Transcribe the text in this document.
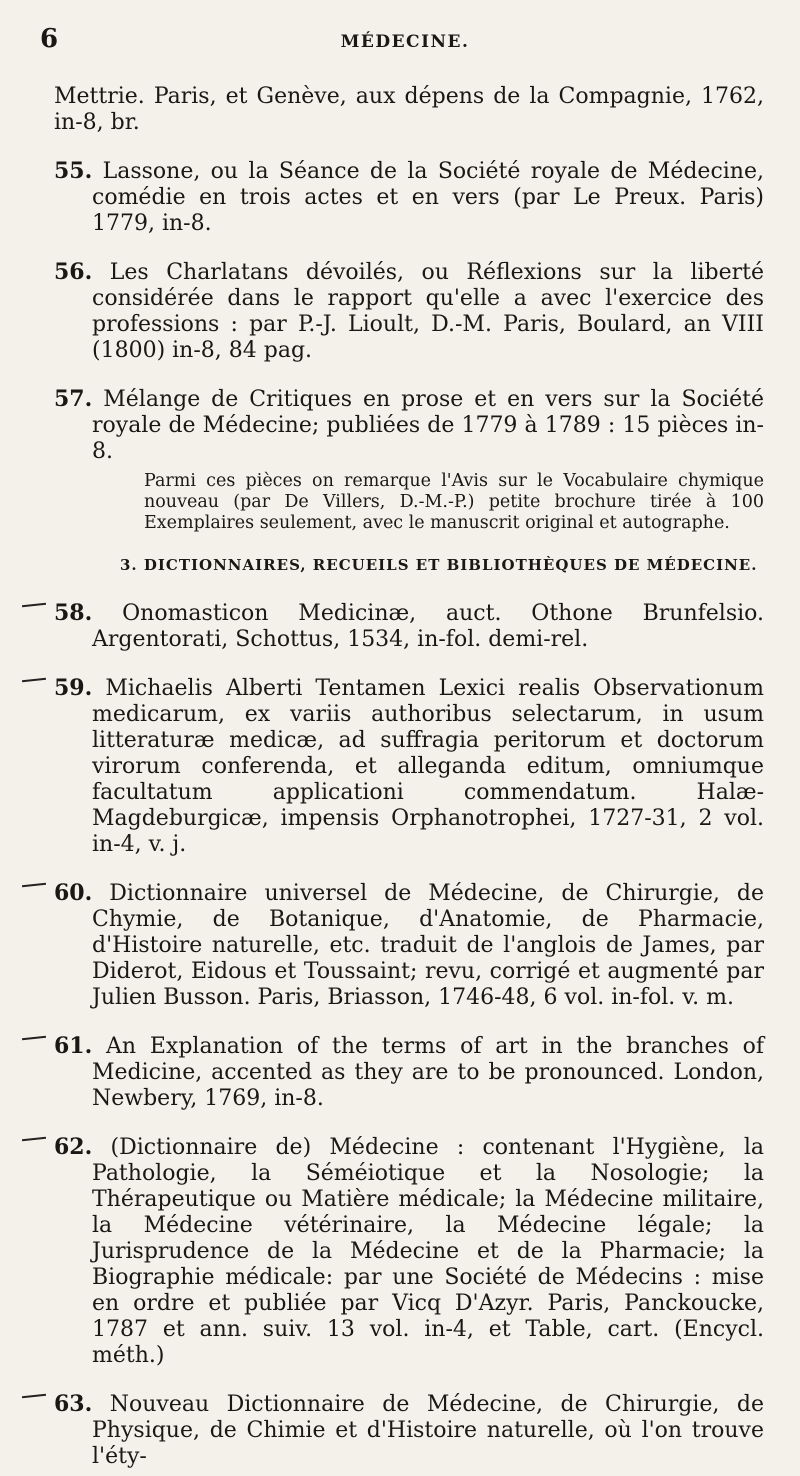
6	MÉDECINE.

Mettrie. Paris, et Genève, aux dépens de la Compagnie, 1762, in-8, br.

55. Lassone, ou la Séance de la Société royale de Médecine, comédie en trois actes et en vers (par Le Preux. Paris) 1779, in-8.

56. Les Charlatans dévoilés, ou Réflexions sur la liberté considérée dans le rapport qu'elle a avec l'exercice des professions : par P.-J. Lioult, D.-M. Paris, Boulard, an VIII (1800) in-8, 84 pag.

57. Mélange de Critiques en prose et en vers sur la Société royale de Médecine; publiées de 1779 à 1789 : 15 pièces in-8.

Parmi ces pièces on remarque l'Avis sur le Vocabulaire chymique nouveau (par De Villers, D.-M.-P.) petite brochure tirée à 100 Exemplaires seulement, avec le manuscrit original et autographe.

3. DICTIONNAIRES, RECUEILS ET BIBLIOTHÈQUES DE MÉDECINE.

58. Onomasticon Medicinæ, auct. Othone Brunfelsio. Argentorati, Schottus, 1534, in-fol. demi-rel.

59. Michaelis Alberti Tentamen Lexici realis Observationum medicarum, ex variis authoribus selectarum, in usum litteraturæ medicæ, ad suffragia peritorum et doctorum virorum conferenda, et alleganda editum, omniumque facultatum applicationi commendatum. Halæ-Magdeburgicæ, impensis Orphanotrophei, 1727-31, 2 vol. in-4, v. j.

60. Dictionnaire universel de Médecine, de Chirurgie, de Chymie, de Botanique, d'Anatomie, de Pharmacie, d'Histoire naturelle, etc. traduit de l'anglois de James, par Diderot, Eidous et Toussaint; revu, corrigé et augmenté par Julien Busson. Paris, Briasson, 1746-48, 6 vol. in-fol. v. m.

61. An Explanation of the terms of art in the branches of Medicine, accented as they are to be pronounced. London, Newbery, 1769, in-8.

62. (Dictionnaire de) Médecine : contenant l'Hygiène, la Pathologie, la Séméiotique et la Nosologie; la Thérapeutique ou Matière médicale; la Médecine militaire, la Médecine vétérinaire, la Médecine légale; la Jurisprudence de la Médecine et de la Pharmacie; la Biographie médicale: par une Société de Médecins : mise en ordre et publiée par Vicq D'Azyr. Paris, Panckoucke, 1787 et ann. suiv. 13 vol. in-4, et Table, cart. (Encycl. méth.)

63. Nouveau Dictionnaire de Médecine, de Chirurgie, de Physique, de Chimie et d'Histoire naturelle, où l'on trouve l'éty-
